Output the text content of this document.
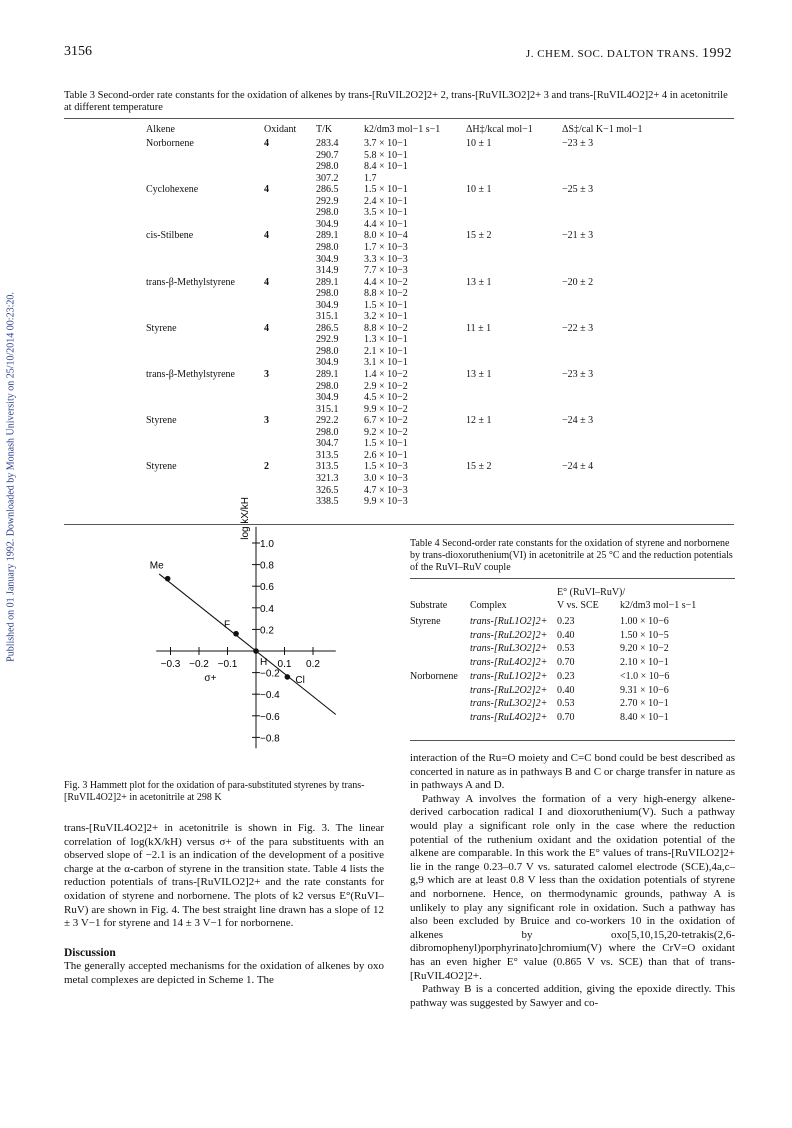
3156	J. CHEM. SOC. DALTON TRANS. 1992
Published on 01 January 1992. Downloaded by Monash University on 25/10/2014 00:23:20.
Table 3 Second-order rate constants for the oxidation of alkenes by trans-[RuVIL2O2]2+ 2, trans-[RuVIL3O2]2+ 3 and trans-[RuVIL4O2]2+ 4 in acetonitrile at different temperature
Alkene	Oxidant T/K	k2/dm3 mol−1 s−1	ΔH‡/kcal mol−1	ΔS‡/cal K−1 mol−1
Norbornene	4	283.4	3.7 × 10−1	10 ± 1	−23 ± 3
290.7	5.8 × 10−1
298.0	8.4 × 10−1
307.2	1.7
Cyclohexene	4	286.5	1.5 × 10−1	10 ± 1	−25 ± 3
292.9	2.4 × 10−1
298.0	3.5 × 10−1
304.9	4.4 × 10−1
cis-Stilbene	4	289.1	8.0 × 10−4	15 ± 2	−21 ± 3
298.0	1.7 × 10−3
304.9	3.3 × 10−3
314.9	7.7 × 10−3
trans-β-Methylstyrene	4	289.1	4.4 × 10−2	13 ± 1	−20 ± 2
298.0	8.8 × 10−2
304.9	1.5 × 10−1
315.1	3.2 × 10−1
Styrene	4	286.5	8.8 × 10−2	11 ± 1	−22 ± 3
292.9	1.3 × 10−1
298.0	2.1 × 10−1
304.9	3.1 × 10−1
trans-β-Methylstyrene	3	289.1	1.4 × 10−2	13 ± 1	−23 ± 3
298.0	2.9 × 10−2
304.9	4.5 × 10−2
315.1	9.9 × 10−2
Styrene	3	292.2	6.7 × 10−2	12 ± 1	−24 ± 3
298.0	9.2 × 10−2
304.7	1.5 × 10−1
313.5	2.6 × 10−1
Styrene	2	313.5	1.5 × 10−3	15 ± 2	−24 ± 4
321.3	3.0 × 10−3
326.5	4.7 × 10−3
338.5	9.9 × 10−3
−0.3 −0.2 −0.1	0.1 0.2
1.0
0.8
0.6
0.4
0.2
−0.2
−0.4
−0.6
−0.8
log kX/kH
σ+
Me
F
H
Cl
Fig. 3 Hammett plot for the oxidation of para-substituted styrenes by trans-[RuVIL4O2]2+ in acetonitrile at 298 K
Table 4 Second-order rate constants for the oxidation of styrene and norbornene by trans-dioxoruthenium(VI) in acetonitrile at 25 °C and the reduction potentials of the RuVI–RuV couple
E° (RuVI–RuV)/
Substrate Complex	V vs. SCE k2/dm3 mol−1 s−1
Styrene	trans-[RuL1O2]2+ 0.23	1.00 × 10−6
trans-[RuL2O2]2+ 0.40	1.50 × 10−5
trans-[RuL3O2]2+ 0.53	9.20 × 10−2
trans-[RuL4O2]2+ 0.70	2.10 × 10−1
Norbornene trans-[RuL1O2]2+ 0.23	<1.0 × 10−6
trans-[RuL2O2]2+ 0.40	9.31 × 10−6
trans-[RuL3O2]2+ 0.53	2.70 × 10−1
trans-[RuL4O2]2+ 0.70	8.40 × 10−1

trans-[RuVIL4O2]2+ in acetonitrile is shown in Fig. 3. The linear correlation of log(kX/kH) versus σ+ of the para substituents with an observed slope of −2.1 is an indication of the development of a positive charge at the α-carbon of styrene in the transition state. Table 4 lists the reduction potentials of trans-[RuVILO2]2+ and the rate constants for oxidation of styrene and norbornene. The plots of k2 versus E°(RuVI–RuV) are shown in Fig. 4. The best straight line drawn has a slope of 12 ± 3 V−1 for styrene and 14 ± 3 V−1 for norbornene.

Discussion

The generally accepted mechanisms for the oxidation of alkenes by oxo metal complexes are depicted in Scheme 1. The

interaction of the Ru=O moiety and C=C bond could be best described as concerted in nature as in pathways B and C or charge transfer in nature as in pathways A and D.

Pathway A involves the formation of a very high-energy alkene-derived carbocation radical I and dioxoruthenium(V). Such a pathway would play a significant role only in the case where the reduction potential of the ruthenium oxidant and the oxidation potential of the alkene are comparable. In this work the E° values of trans-[RuVILO2]2+ lie in the range 0.23–0.7 V vs. saturated calomel electrode (SCE),4a,c–g,9 which are at least 0.8 V less than the oxidation potentials of styrene and norbornene. Hence, on thermodynamic grounds, pathway A is unlikely to play any significant role in oxidation. Such a pathway has also been excluded by Bruice and co-workers 10 in the oxidation of alkenes by oxo[5,10,15,20-tetrakis(2,6-dibromophenyl)porphyrinato]chromium(V) where the CrV=O oxidant has an even higher E° value (0.865 V vs. SCE) than that of trans-[RuVIL4O2]2+.

Pathway B is a concerted addition, giving the epoxide directly. This pathway was suggested by Sawyer and co-
